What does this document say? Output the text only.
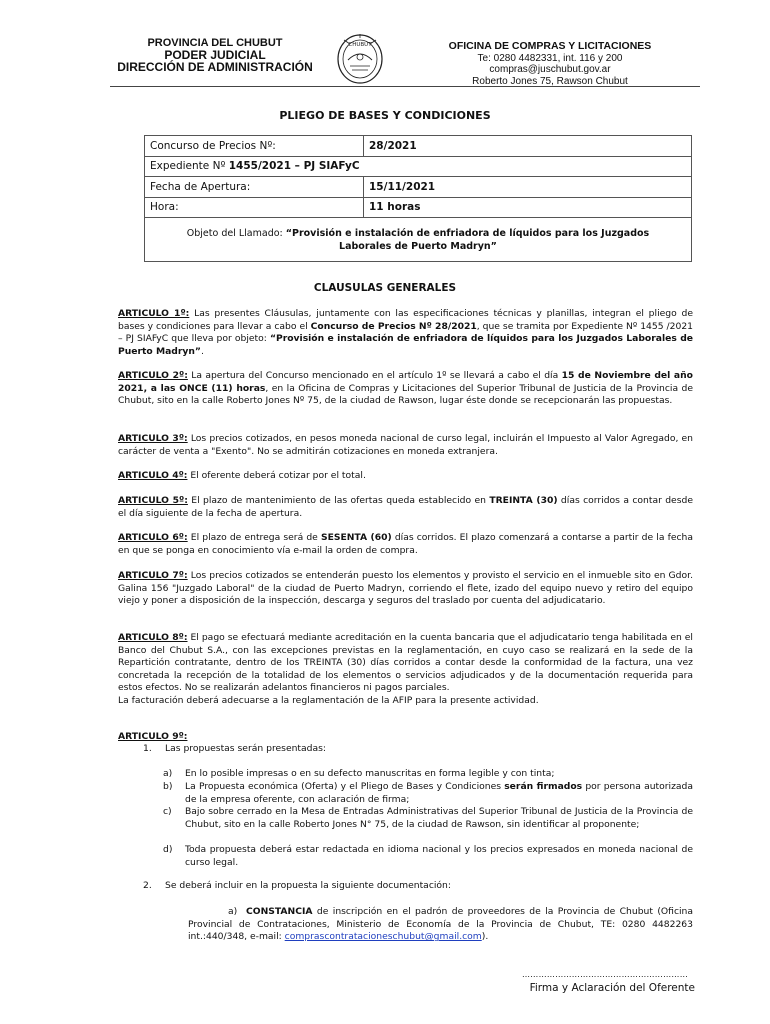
PROVINCIA DEL CHUBUT
PODER JUDICIAL
DIRECCIÓN DE ADMINISTRACIÓN
CHUBUT	OFICINA DE COMPRAS Y LICITACIONES
Te: 0280 4482331, int. 116 y 200
compras@juschubut.gov.ar
Roberto Jones 75, Rawson Chubut
PLIEGO DE BASES Y CONDICIONES
Concurso de Precios Nº:	28/2021
Expediente Nº 1455/2021 – PJ SIAFyC	
Fecha de Apertura:	15/11/2021
Hora:	11 horas
Objeto del Llamado: “Provisión e instalación de enfriadora de líquidos para los Juzgados Laborales de Puerto Madryn”	
CLAUSULAS GENERALES
ARTICULO 1º: Las presentes Cláusulas, juntamente con las especificaciones técnicas y planillas, integran el pliego de bases y condiciones para llevar a cabo el Concurso de Precios Nº 28/2021, que se tramita por Expediente Nº 1455 /2021 – PJ SIAFyC que lleva por objeto: “Provisión e instalación de enfriadora de líquidos para los Juzgados Laborales de Puerto Madryn”.
ARTICULO 2º: La apertura del Concurso mencionado en el artículo 1º se llevará a cabo el día 15 de Noviembre del año 2021, a las ONCE (11) horas, en la Oficina de Compras y Licitaciones del Superior Tribunal de Justicia de la Provincia de Chubut, sito en la calle Roberto Jones Nº 75, de la ciudad de Rawson, lugar éste donde se recepcionarán las propuestas.
ARTICULO 3º: Los precios cotizados, en pesos moneda nacional de curso legal, incluirán el Impuesto al Valor Agregado, en carácter de venta a "Exento". No se admitirán cotizaciones en moneda extranjera.
ARTICULO 4º: El oferente deberá cotizar por el total.
ARTICULO 5º: El plazo de mantenimiento de las ofertas queda establecido en TREINTA (30) días corridos a contar desde el día siguiente de la fecha de apertura.
ARTICULO 6º: El plazo de entrega será de SESENTA (60) días corridos. El plazo comenzará a contarse a partir de la fecha en que se ponga en conocimiento vía e-mail la orden de compra.
ARTICULO 7º: Los precios cotizados se entenderán puesto los elementos y provisto el servicio en el inmueble sito en Gdor. Galina 156 "Juzgado Laboral" de la ciudad de Puerto Madryn, corriendo el flete, izado del equipo nuevo y retiro del equipo viejo y poner a disposición de la inspección, descarga y seguros del traslado por cuenta del adjudicatario.
ARTICULO 8º: El pago se efectuará mediante acreditación en la cuenta bancaria que el adjudicatario tenga habilitada en el Banco del Chubut S.A., con las excepciones previstas en la reglamentación, en cuyo caso se realizará en la sede de la Repartición contratante, dentro de los TREINTA (30) días corridos a contar desde la conformidad de la factura, una vez concretada la recepción de la totalidad de los elementos o servicios adjudicados y de la documentación requerida para estos efectos. No se realizarán adelantos financieros ni pagos parciales.
La facturación deberá adecuarse a la reglamentación de la AFIP para la presente actividad.
ARTICULO 9º:
1. Las propuestas serán presentadas:
a) En lo posible impresas o en su defecto manuscritas en forma legible y con tinta;
b) La Propuesta económica (Oferta) y el Pliego de Bases y Condiciones serán firmados por persona autorizada de la empresa oferente, con aclaración de firma;
c) Bajo sobre cerrado en la Mesa de Entradas Administrativas del Superior Tribunal de Justicia de la Provincia de Chubut, sito en la calle Roberto Jones N° 75, de la ciudad de Rawson, sin identificar al proponente;
d) Toda propuesta deberá estar redactada en idioma nacional y los precios expresados en moneda nacional de curso legal.
2. Se deberá incluir en la propuesta la siguiente documentación:
a) CONSTANCIA de inscripción en el padrón de proveedores de la Provincia de Chubut (Oficina Provincial de Contrataciones, Ministerio de Economía de la Provincia de Chubut, TE: 0280 4482263 int.:440/348, e-mail: comprascontratacioneschubut@gmail.com).
……………………………………………………
Firma y Aclaración del Oferente
